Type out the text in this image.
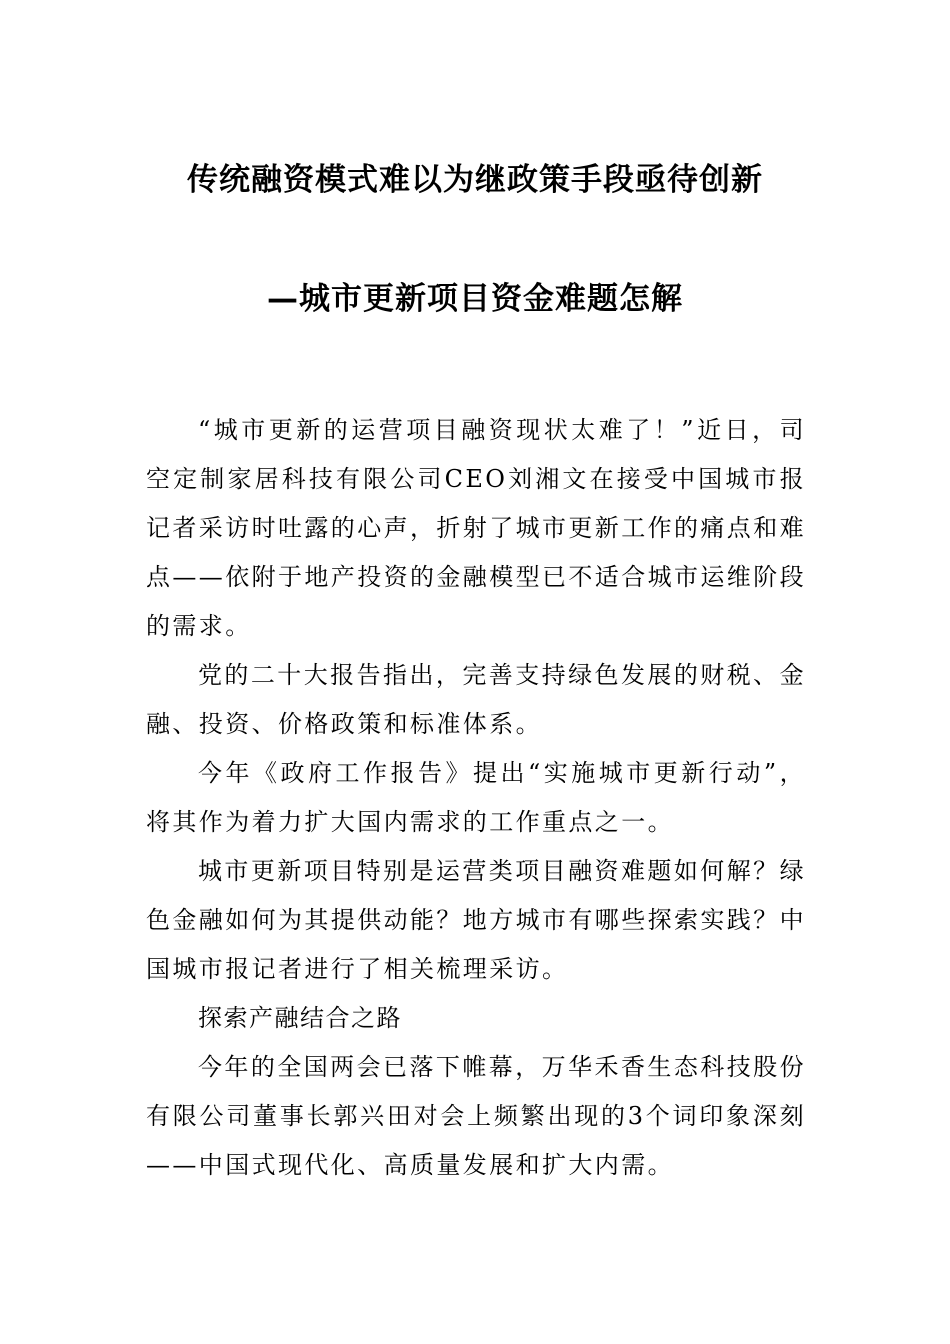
传统融资模式难以为继政策手段亟待创新
—城市更新项目资金难题怎解

“城市更新的运营项目融资现状太难了！”近日，司空定制家居科技有限公司CEO刘湘文在接受中国城市报记者采访时吐露的心声，折射了城市更新工作的痛点和难点——依附于地产投资的金融模型已不适合城市运维阶段的需求。

党的二十大报告指出，完善支持绿色发展的财税、金融、投资、价格政策和标准体系。

今年《政府工作报告》提出“实施城市更新行动”，将其作为着力扩大国内需求的工作重点之一。

城市更新项目特别是运营类项目融资难题如何解？绿色金融如何为其提供动能？地方城市有哪些探索实践？中国城市报记者进行了相关梳理采访。

探索产融结合之路

今年的全国两会已落下帷幕，万华禾香生态科技股份有限公司董事长郭兴田对会上频繁出现的3个词印象深刻——中国式现代化、高质量发展和扩大内需。
